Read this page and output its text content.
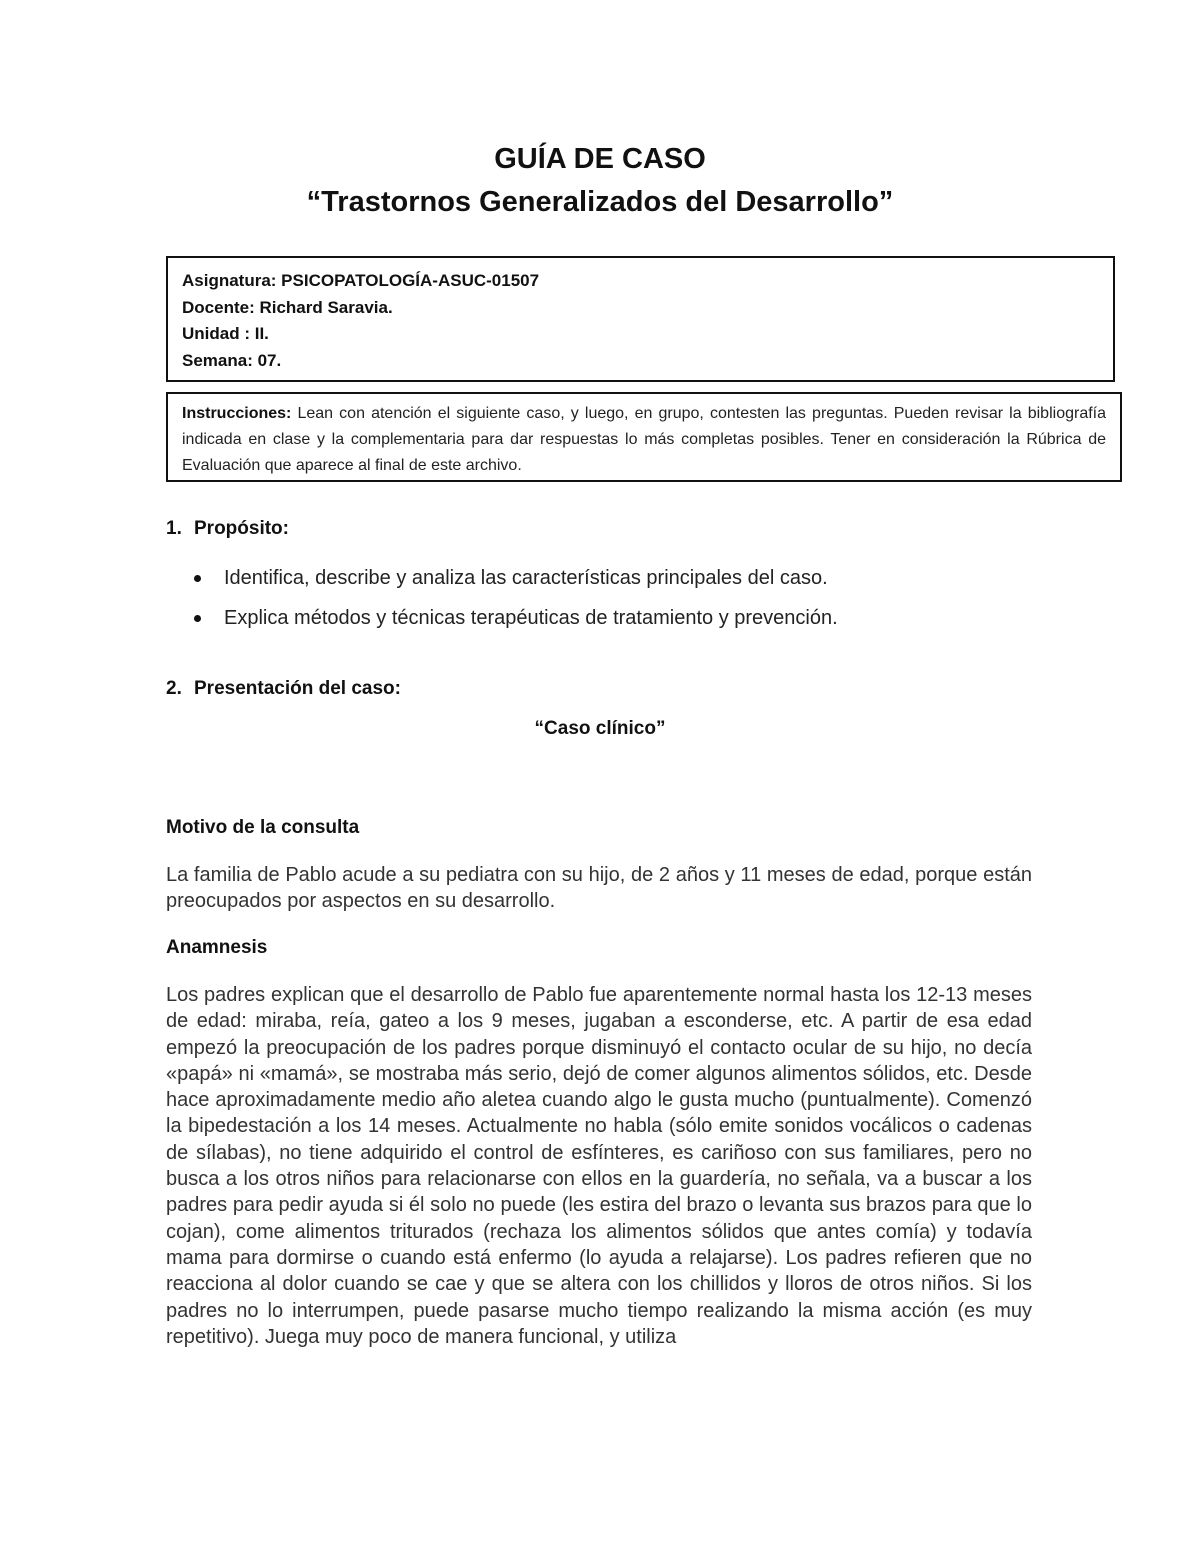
GUÍA DE CASO
“Trastornos Generalizados del Desarrollo”
Asignatura: PSICOPATOLOGÍA-ASUC-01507
Docente: Richard Saravia.
Unidad : II.
Semana: 07.
Instrucciones: Lean con atención el siguiente caso, y luego, en grupo, contesten las preguntas. Pueden revisar la bibliografía indicada en clase y la complementaria para dar respuestas lo más completas posibles. Tener en consideración la Rúbrica de Evaluación que aparece al final de este archivo.
1. Propósito:
Identifica, describe y analiza las características principales del caso.
Explica métodos y técnicas terapéuticas de tratamiento y prevención.
2. Presentación del caso:
“Caso clínico”
Motivo de la consulta
La familia de Pablo acude a su pediatra con su hijo, de 2 años y 11 meses de edad, porque están preocupados por aspectos en su desarrollo.
Anamnesis
Los padres explican que el desarrollo de Pablo fue aparentemente normal hasta los 12-13 meses de edad: miraba, reía, gateo a los 9 meses, jugaban a esconderse, etc. A partir de esa edad empezó la preocupación de los padres porque disminuyó el contacto ocular de su hijo, no decía «papá» ni «mamá», se mostraba más serio, dejó de comer algunos alimentos sólidos, etc. Desde hace aproximadamente medio año aletea cuando algo le gusta mucho (puntualmente). Comenzó la bipedestación a los 14 meses. Actualmente no habla (sólo emite sonidos vocálicos o cadenas de sílabas), no tiene adquirido el control de esfínteres, es cariñoso con sus familiares, pero no busca a los otros niños para relacionarse con ellos en la guardería, no señala, va a buscar a los padres para pedir ayuda si él solo no puede (les estira del brazo o levanta sus brazos para que lo cojan), come alimentos triturados (rechaza los alimentos sólidos que antes comía) y todavía mama para dormirse o cuando está enfermo (lo ayuda a relajarse). Los padres refieren que no reacciona al dolor cuando se cae y que se altera con los chillidos y lloros de otros niños. Si los padres no lo interrumpen, puede pasarse mucho tiempo realizando la misma acción (es muy repetitivo). Juega muy poco de manera funcional, y utiliza
